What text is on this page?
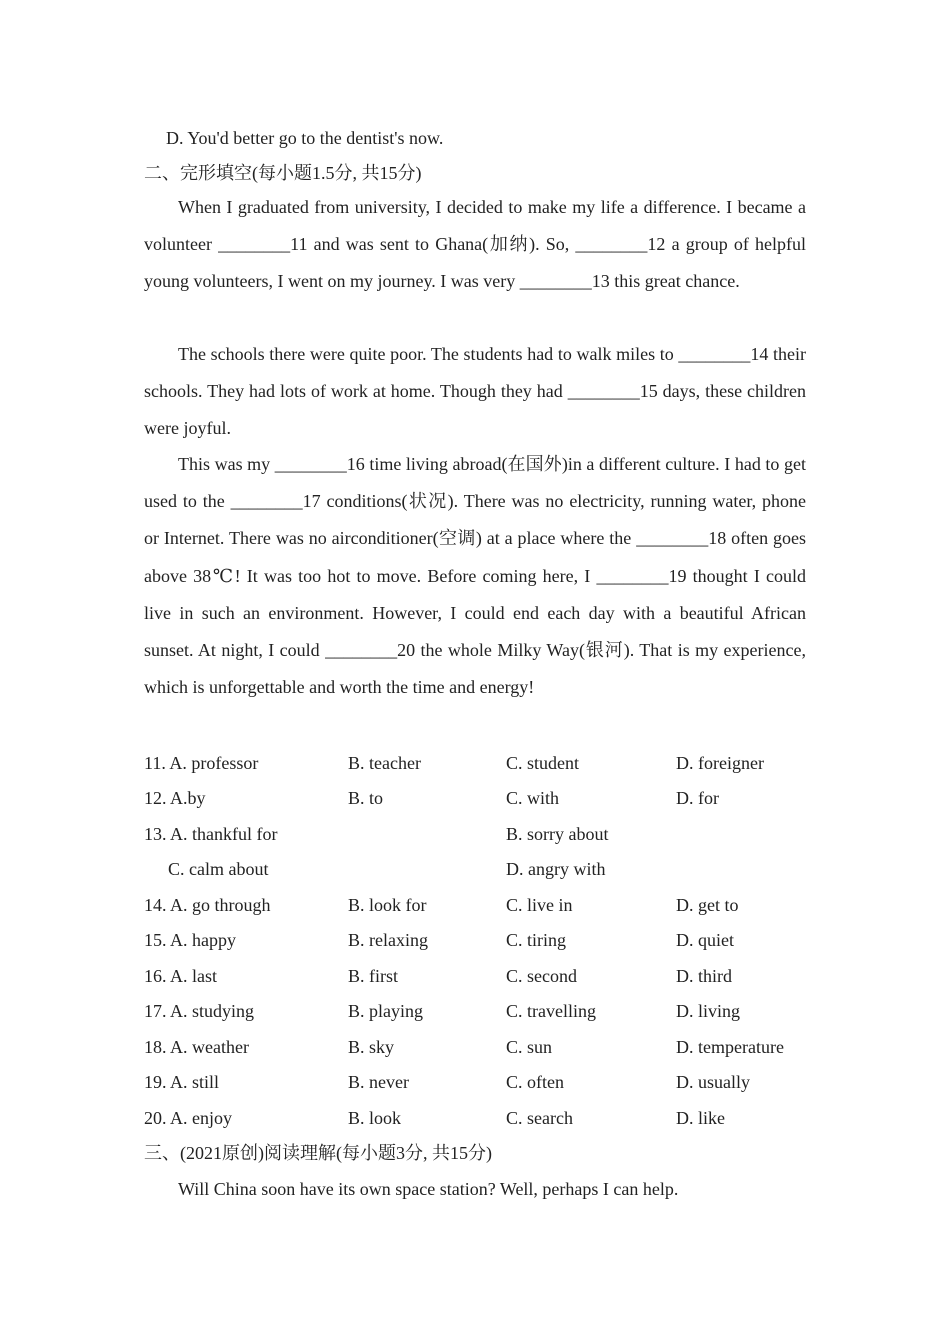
D. You'd better go to the dentist's now.
二、完形填空(每小题1.5分, 共15分)
When I graduated from university, I decided to make my life a difference. I became a volunteer ________11 and was sent to Ghana(加纳). So, ________12 a group of helpful young volunteers, I went on my journey. I was very ________13 this great chance.
The schools there were quite poor. The students had to walk miles to ________14 their schools. They had lots of work at home. Though they had ________15 days, these children were joyful.
This was my ________16 time living abroad(在国外)in a different culture. I had to get used to the ________17 conditions(状况). There was no electricity, running water, phone or Internet. There was no airconditioner(空调) at a place where the ________18 often goes above 38℃! It was too hot to move. Before coming here, I ________19 thought I could live in such an environment. However, I could end each day with a beautiful African sunset. At night, I could ________20 the whole Milky Way(银河). That is my experience, which is unforgettable and worth the time and energy!
11. A. professor	B. teacher	C. student	D. foreigner
12. A.by	B. to	C. with	D. for
13. A. thankful for	B. sorry about
C. calm about	D. angry with
14. A. go through	B. look for	C. live in	D. get to
15. A. happy	B. relaxing	C. tiring	D. quiet
16. A. last	B. first	C. second	D. third
17. A. studying	B. playing	C. travelling	D. living
18. A. weather	B. sky	C. sun	D. temperature
19. A. still	B. never	C. often	D. usually
20. A. enjoy	B. look	C. search	D. like
三、(2021原创)阅读理解(每小题3分, 共15分)
Will China soon have its own space station? Well, perhaps I can help.
